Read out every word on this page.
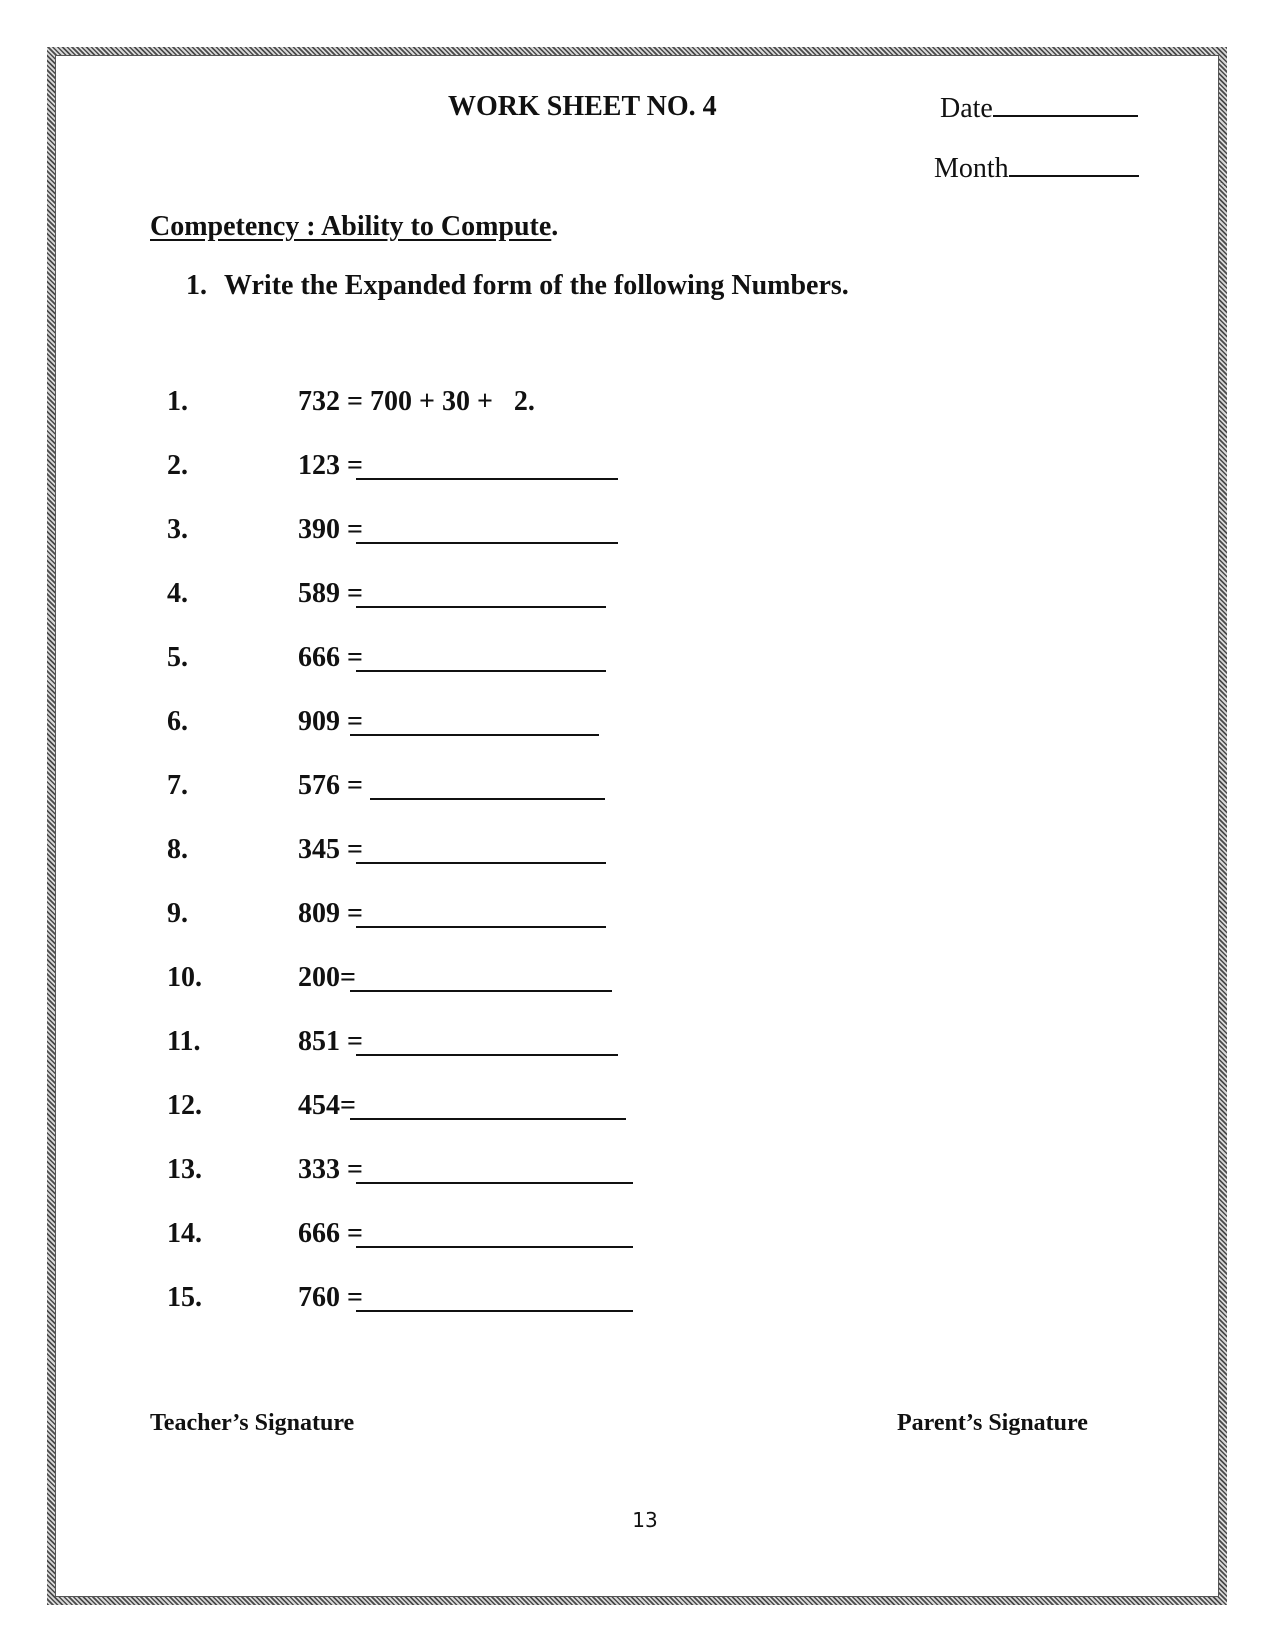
WORK SHEET NO. 4	Date
Month
Competency : Ability to Compute.
1. Write the Expanded form of the following Numbers.
1.	732 = 700 + 30 +   2.
2.	123 =
3.	390 =
4.	589 =
5.	666 =
6.	909 =
7.	576 =
8.	345 =
9.	809 =
10.	200=
11.	851 =
12.	454=
13.	333 =
14.	666 =
15.	760 =
Teacher’s Signature	Parent’s Signature
13
